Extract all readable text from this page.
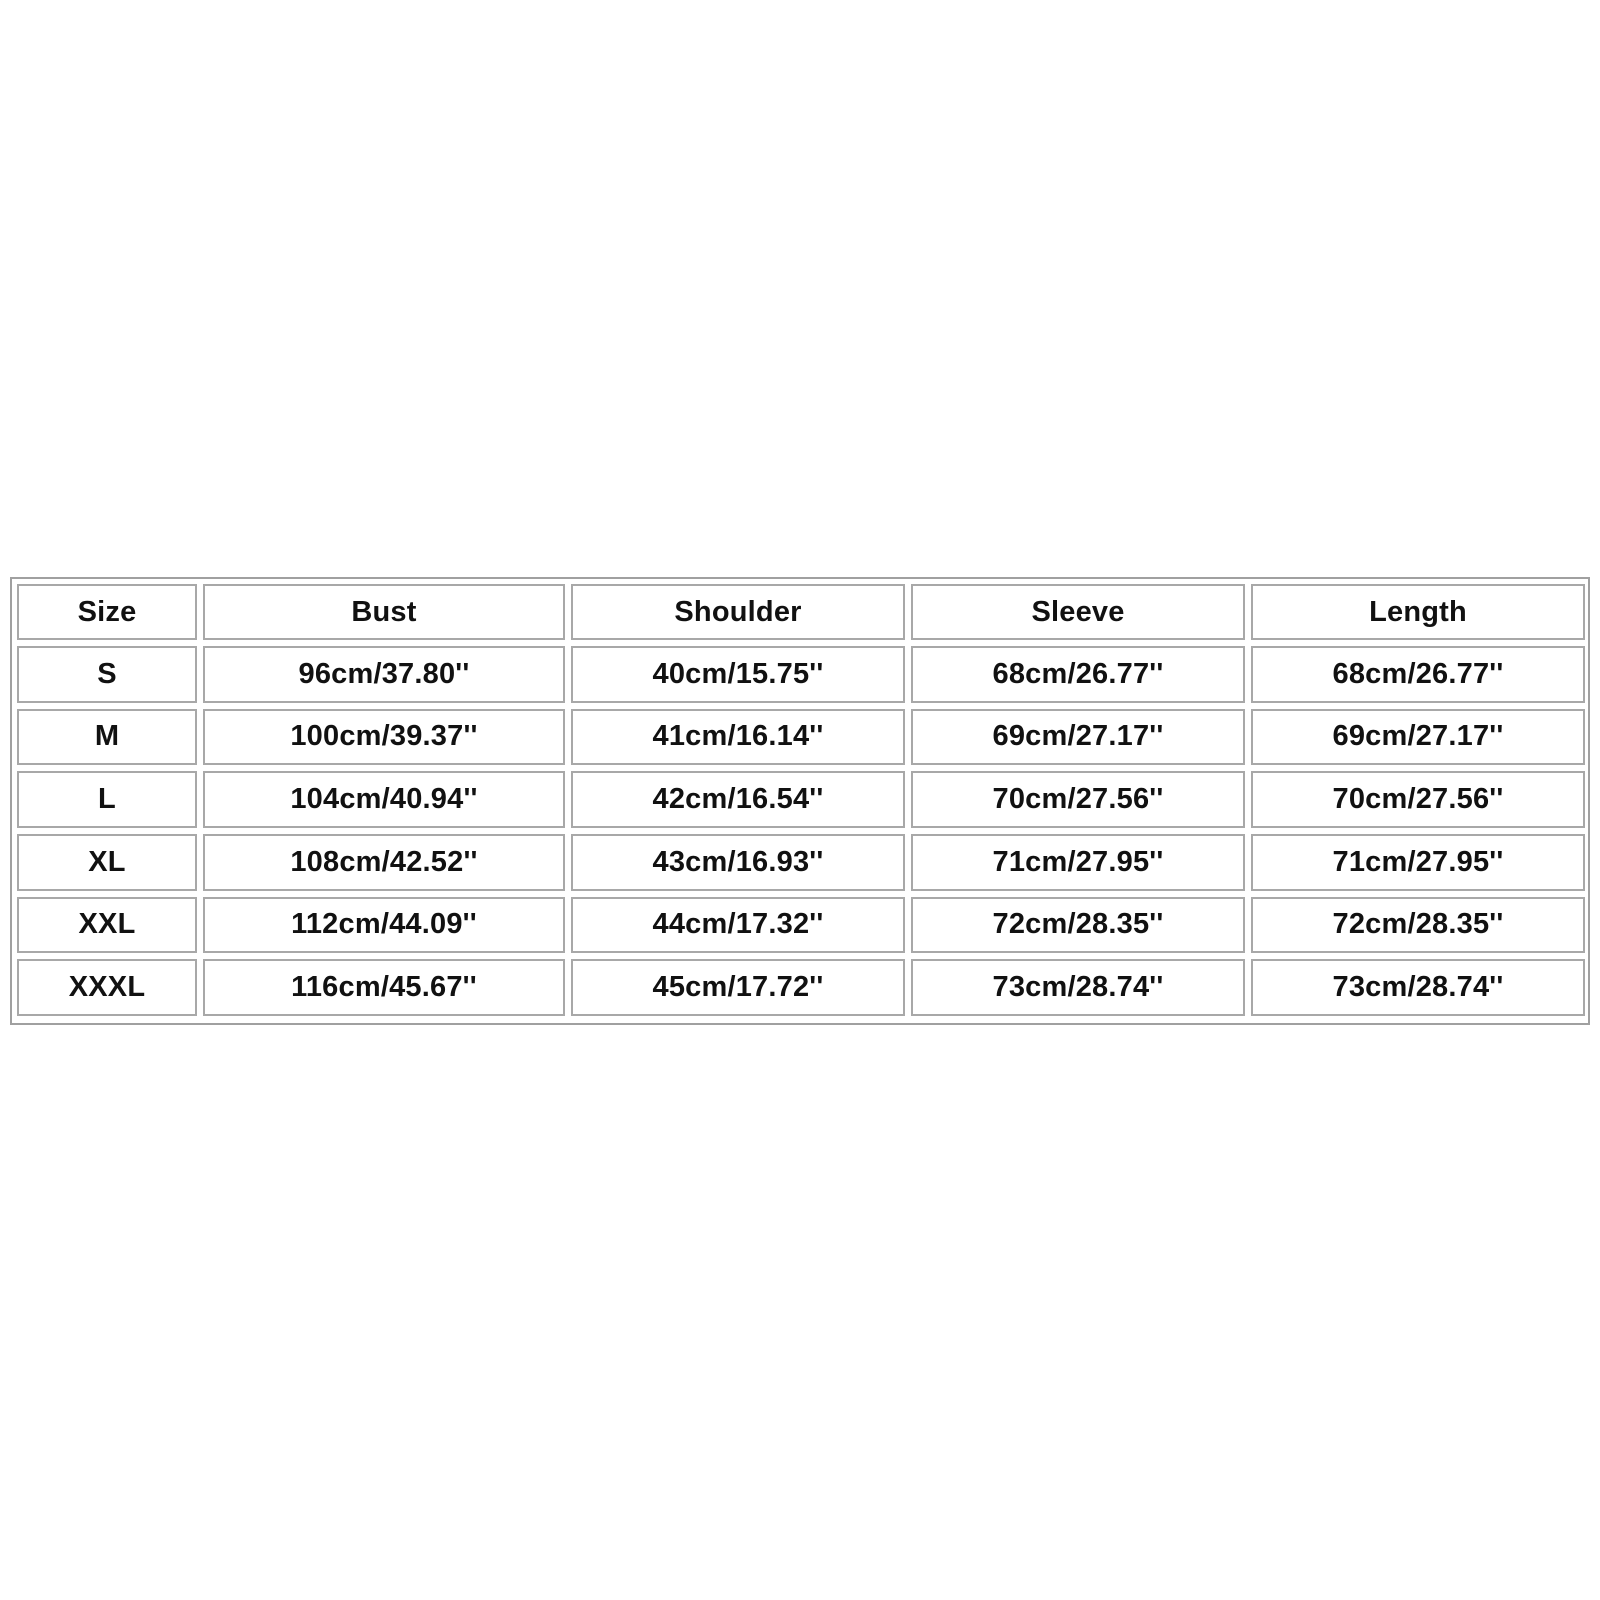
Size	Bust	Shoulder	Sleeve	Length
S	96cm/37.80''	40cm/15.75''	68cm/26.77''	68cm/26.77''
M	100cm/39.37''	41cm/16.14''	69cm/27.17''	69cm/27.17''
L	104cm/40.94''	42cm/16.54''	70cm/27.56''	70cm/27.56''
XL	108cm/42.52''	43cm/16.93''	71cm/27.95''	71cm/27.95''
XXL	112cm/44.09''	44cm/17.32''	72cm/28.35''	72cm/28.35''
XXXL	116cm/45.67''	45cm/17.72''	73cm/28.74''	73cm/28.74''
